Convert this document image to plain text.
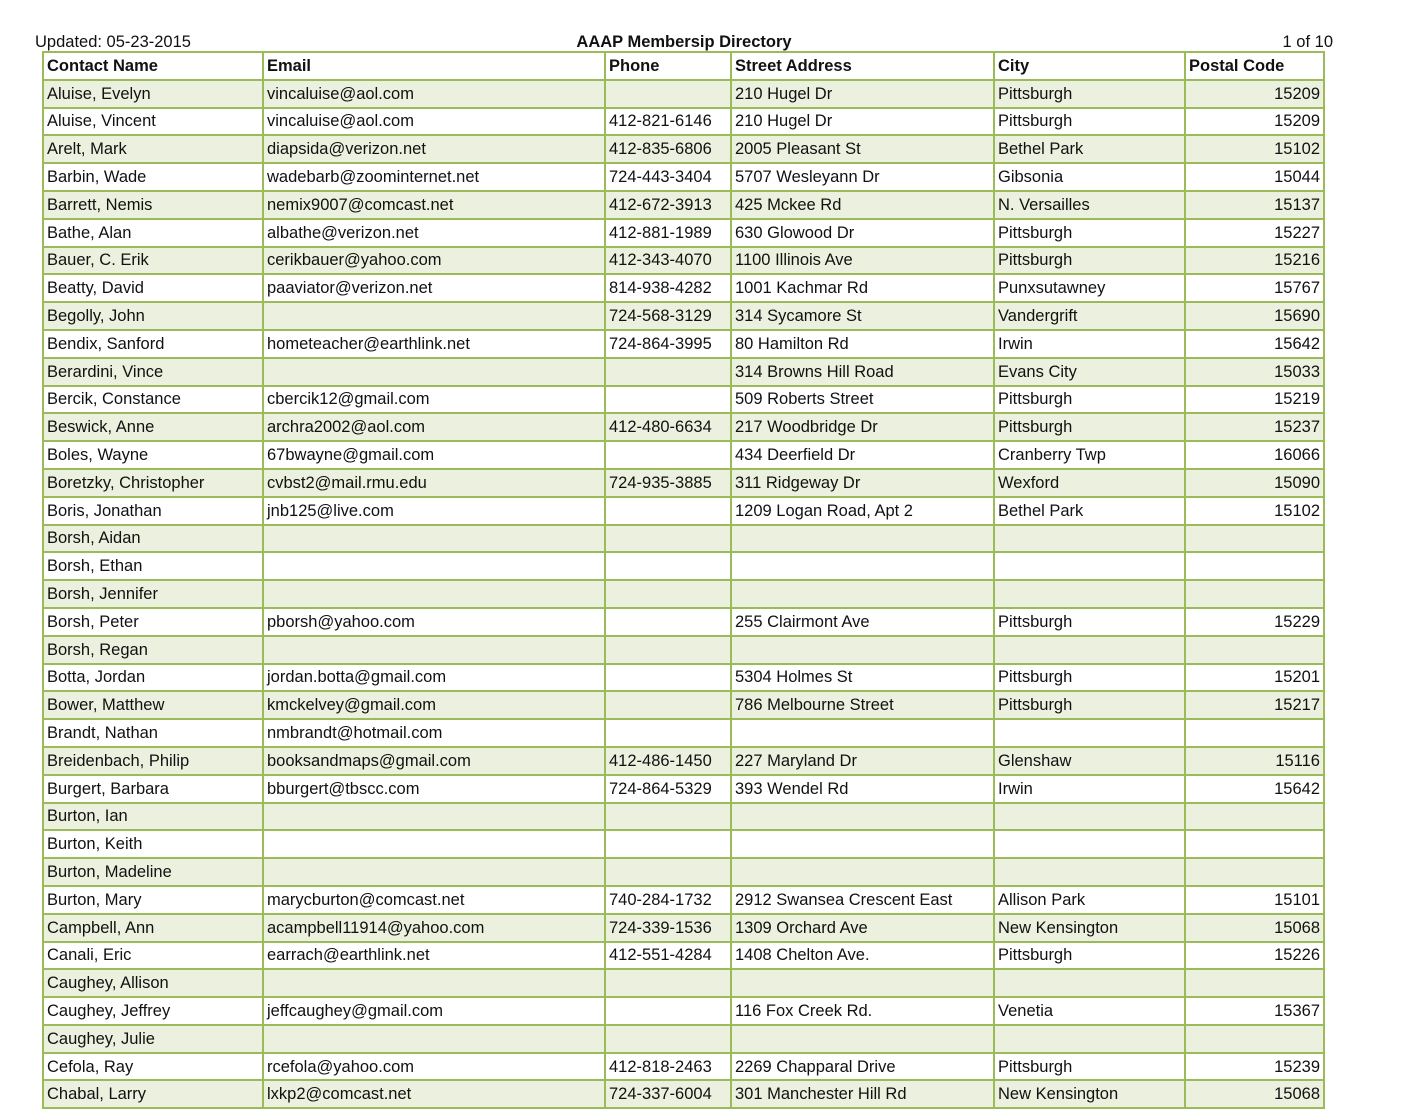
Updated: 05-23-2015	AAAP Membersip Directory	1 of 10
Contact Name	Email	Phone	Street Address	City	Postal Code
Aluise, Evelyn	vincaluise@aol.com		210 Hugel Dr	Pittsburgh	15209
Aluise, Vincent	vincaluise@aol.com	412-821-6146	210 Hugel Dr	Pittsburgh	15209
Arelt, Mark	diapsida@verizon.net	412-835-6806	2005 Pleasant St	Bethel Park	15102
Barbin, Wade	wadebarb@zoominternet.net	724-443-3404	5707 Wesleyann Dr	Gibsonia	15044
Barrett, Nemis	nemix9007@comcast.net	412-672-3913	425 Mckee Rd	N. Versailles	15137
Bathe, Alan	albathe@verizon.net	412-881-1989	630 Glowood Dr	Pittsburgh	15227
Bauer, C. Erik	cerikbauer@yahoo.com	412-343-4070	1100 Illinois Ave	Pittsburgh	15216
Beatty, David	paaviator@verizon.net	814-938-4282	1001 Kachmar Rd	Punxsutawney	15767
Begolly, John		724-568-3129	314 Sycamore St	Vandergrift	15690
Bendix, Sanford	hometeacher@earthlink.net	724-864-3995	80 Hamilton Rd	Irwin	15642
Berardini, Vince			314 Browns Hill Road	Evans City	15033
Bercik, Constance	cbercik12@gmail.com		509 Roberts Street	Pittsburgh	15219
Beswick, Anne	archra2002@aol.com	412-480-6634	217 Woodbridge Dr	Pittsburgh	15237
Boles, Wayne	67bwayne@gmail.com		434 Deerfield Dr	Cranberry Twp	16066
Boretzky, Christopher	cvbst2@mail.rmu.edu	724-935-3885	311 Ridgeway Dr	Wexford	15090
Boris, Jonathan	jnb125@live.com		1209 Logan Road, Apt 2	Bethel Park	15102
Borsh, Aidan					
Borsh, Ethan					
Borsh, Jennifer					
Borsh, Peter	pborsh@yahoo.com		255 Clairmont Ave	Pittsburgh	15229
Borsh, Regan					
Botta, Jordan	jordan.botta@gmail.com		5304 Holmes St	Pittsburgh	15201
Bower, Matthew	kmckelvey@gmail.com		786 Melbourne Street	Pittsburgh	15217
Brandt, Nathan	nmbrandt@hotmail.com				
Breidenbach, Philip	booksandmaps@gmail.com	412-486-1450	227 Maryland Dr	Glenshaw	15116
Burgert, Barbara	bburgert@tbscc.com	724-864-5329	393 Wendel Rd	Irwin	15642
Burton, Ian					
Burton, Keith					
Burton, Madeline					
Burton, Mary	marycburton@comcast.net	740-284-1732	2912 Swansea Crescent East	Allison Park	15101
Campbell, Ann	acampbell11914@yahoo.com	724-339-1536	1309 Orchard Ave	New Kensington	15068
Canali, Eric	earrach@earthlink.net	412-551-4284	1408 Chelton Ave.	Pittsburgh	15226
Caughey, Allison					
Caughey, Jeffrey	jeffcaughey@gmail.com		116 Fox Creek Rd.	Venetia	15367
Caughey, Julie					
Cefola, Ray	rcefola@yahoo.com	412-818-2463	2269 Chapparal Drive	Pittsburgh	15239
Chabal, Larry	lxkp2@comcast.net	724-337-6004	301 Manchester Hill Rd	New Kensington	15068
